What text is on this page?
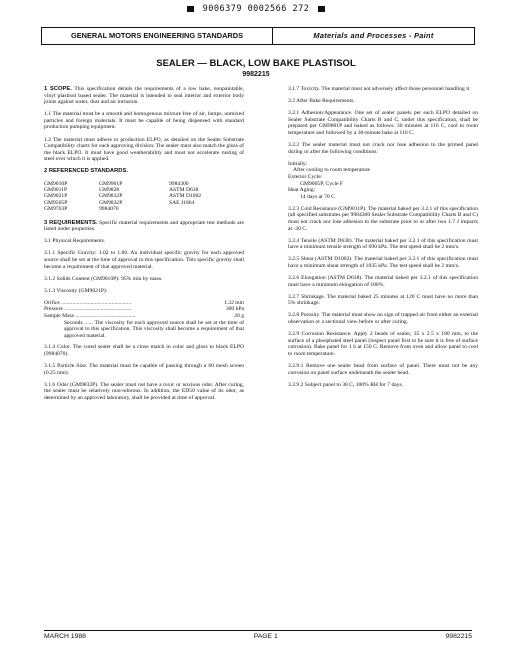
9006379 0002566 272
GENERAL MOTORS ENGINEERING STANDARDS	Materials and Processes - Paint
SEALER — BLACK, LOW BAKE PLASTISOL
9982215

1 SCOPE. This specification details the requirements of a low bake, nonpaintable, vinyl plastisol based sealer. The material is intended to seal interior and exterior body joints against water, dust and air intrusion.

1.1 The material must be a smooth and homogenous mixture free of air, lumps, unmixed particles and foreign materials. It must be capable of being dispensed with standard production pumping equipment.

1.2 The material must adhere to production ELPO, as detailed on the Sealer Substrate Compatibility charts for each approving division. The sealer must also match the gloss of the black ELPO. It must have good weatherability and must not accelerate rusting of steel over which it is applied.

2 REFERENCED STANDARDS.

GM9010P	GM9901P	9984300
GM9011P	GM9828	ASTM D638
GM9021P	GM9832P	ASTM D1002
GM9505P	GM9832P	SAE J1864
GM9763P	9984070

3 REQUIREMENTS. Specific material requirements and appropriate test methods are listed under properties.

3.1 Physical Requirements.

3.1.1 Specific Gravity: 1.02 to 1.80. An individual specific gravity for each approved source shall be set at the time of approval to this specification. This specific gravity shall become a requirement of that approved material.

3.1.2 Solids Content (GM9010P): 95% min by mass.

3.1.3 Viscosity (GM9021P):

Orifice ..................................................	1.32 mm
Pressure ................................................	300 kPa
Sample Mass ...........................................	20 g
Seconds ...... The viscosity for each approved source shall be set at the time of approval to this specification. This viscosity shall become a requirement of that approved material.

3.1.4 Color. The cured sealer shall be a close match in color and gloss to black ELPO (9984070).

3.1.5 Particle Size. The material must be capable of passing through a 60 mesh screen (0.25 mm).

3.1.6 Odor (GM9832P). The sealer must not have a toxic or noxious odor. After curing, the sealer must be relatively non-odorous. In addition, the ED50 value of its odor, as determined by an approved laboratory, shall be provided at time of approval.

3.1.7 Toxicity. The material must not adversely affect those personnel handling it.

3.2 After Bake Requirements.

3.2.1 Adhesion/Appearance. One set of sealer panels per each ELPO detailed on Sealer Substrate Compatibility Charts B and C, under this specification, shall be prepared per GM9801P and baked as follows: 30 minutes at 116 C, cool to room temperature and followed by a 30-minute bake at 116 C.

3.2.2 The sealer material must not crack nor lose adhesion to the primed panel during or after the following conditions:

Initially:
After cooling to room temperature
Exterior Cycle:
GM9005P, Cycle F
Heat Aging:
14 days at 70 C

3.2.3 Cold Resistance (GM9011P). The material baked per 3.2.1 of this specification (all specified substrates per 9984300 Sealer Substrate Compatibility Charts B and C) must not crack nor lose adhesion to the substrate prior to or after two 1.7 J impacts at -30 C.

3.2.4 Tensile (ASTM D638). The material baked per 3.2.1 of this specification must have a minimum tensile strength of 690 kPa. The test speed shall be 2 mm/s.

3.2.5 Shear (ASTM D1002). The material baked per 3.2.1 of this specification must have a minimum shear strength of 1035 kPa. The test speed shall be 2 mm/s.

3.2.6 Elongation (ASTM D638). The material baked per 3.2.1 of this specification must have a minimum elongation of 100%.

3.2.7 Shrinkage. The material baked 25 minutes at 120 C must have no more than 5% shrinkage.

3.2.8 Porosity. The material must show no sign of trapped air from either an external observation or a sectional view before or after curing.

3.2.9 Corrosion Resistance. Apply 2 beads of sealer, 35 x 2.5 x 180 mm, to the surface of a phosphated steel panel (inspect panel first to be sure it is free of surface corrosion). Bake panel for 1 h at 150 C. Remove from oven and allow panel to cool to room temperature.

3.2.9.1 Remove one sealer bead from surface of panel. There must not be any corrosion on panel surface underneath the sealer bead.

3.2.9.2 Subject panel to 38 C, 100% RH for 7 days.

MARCH 1988	PAGE 1	9982215
